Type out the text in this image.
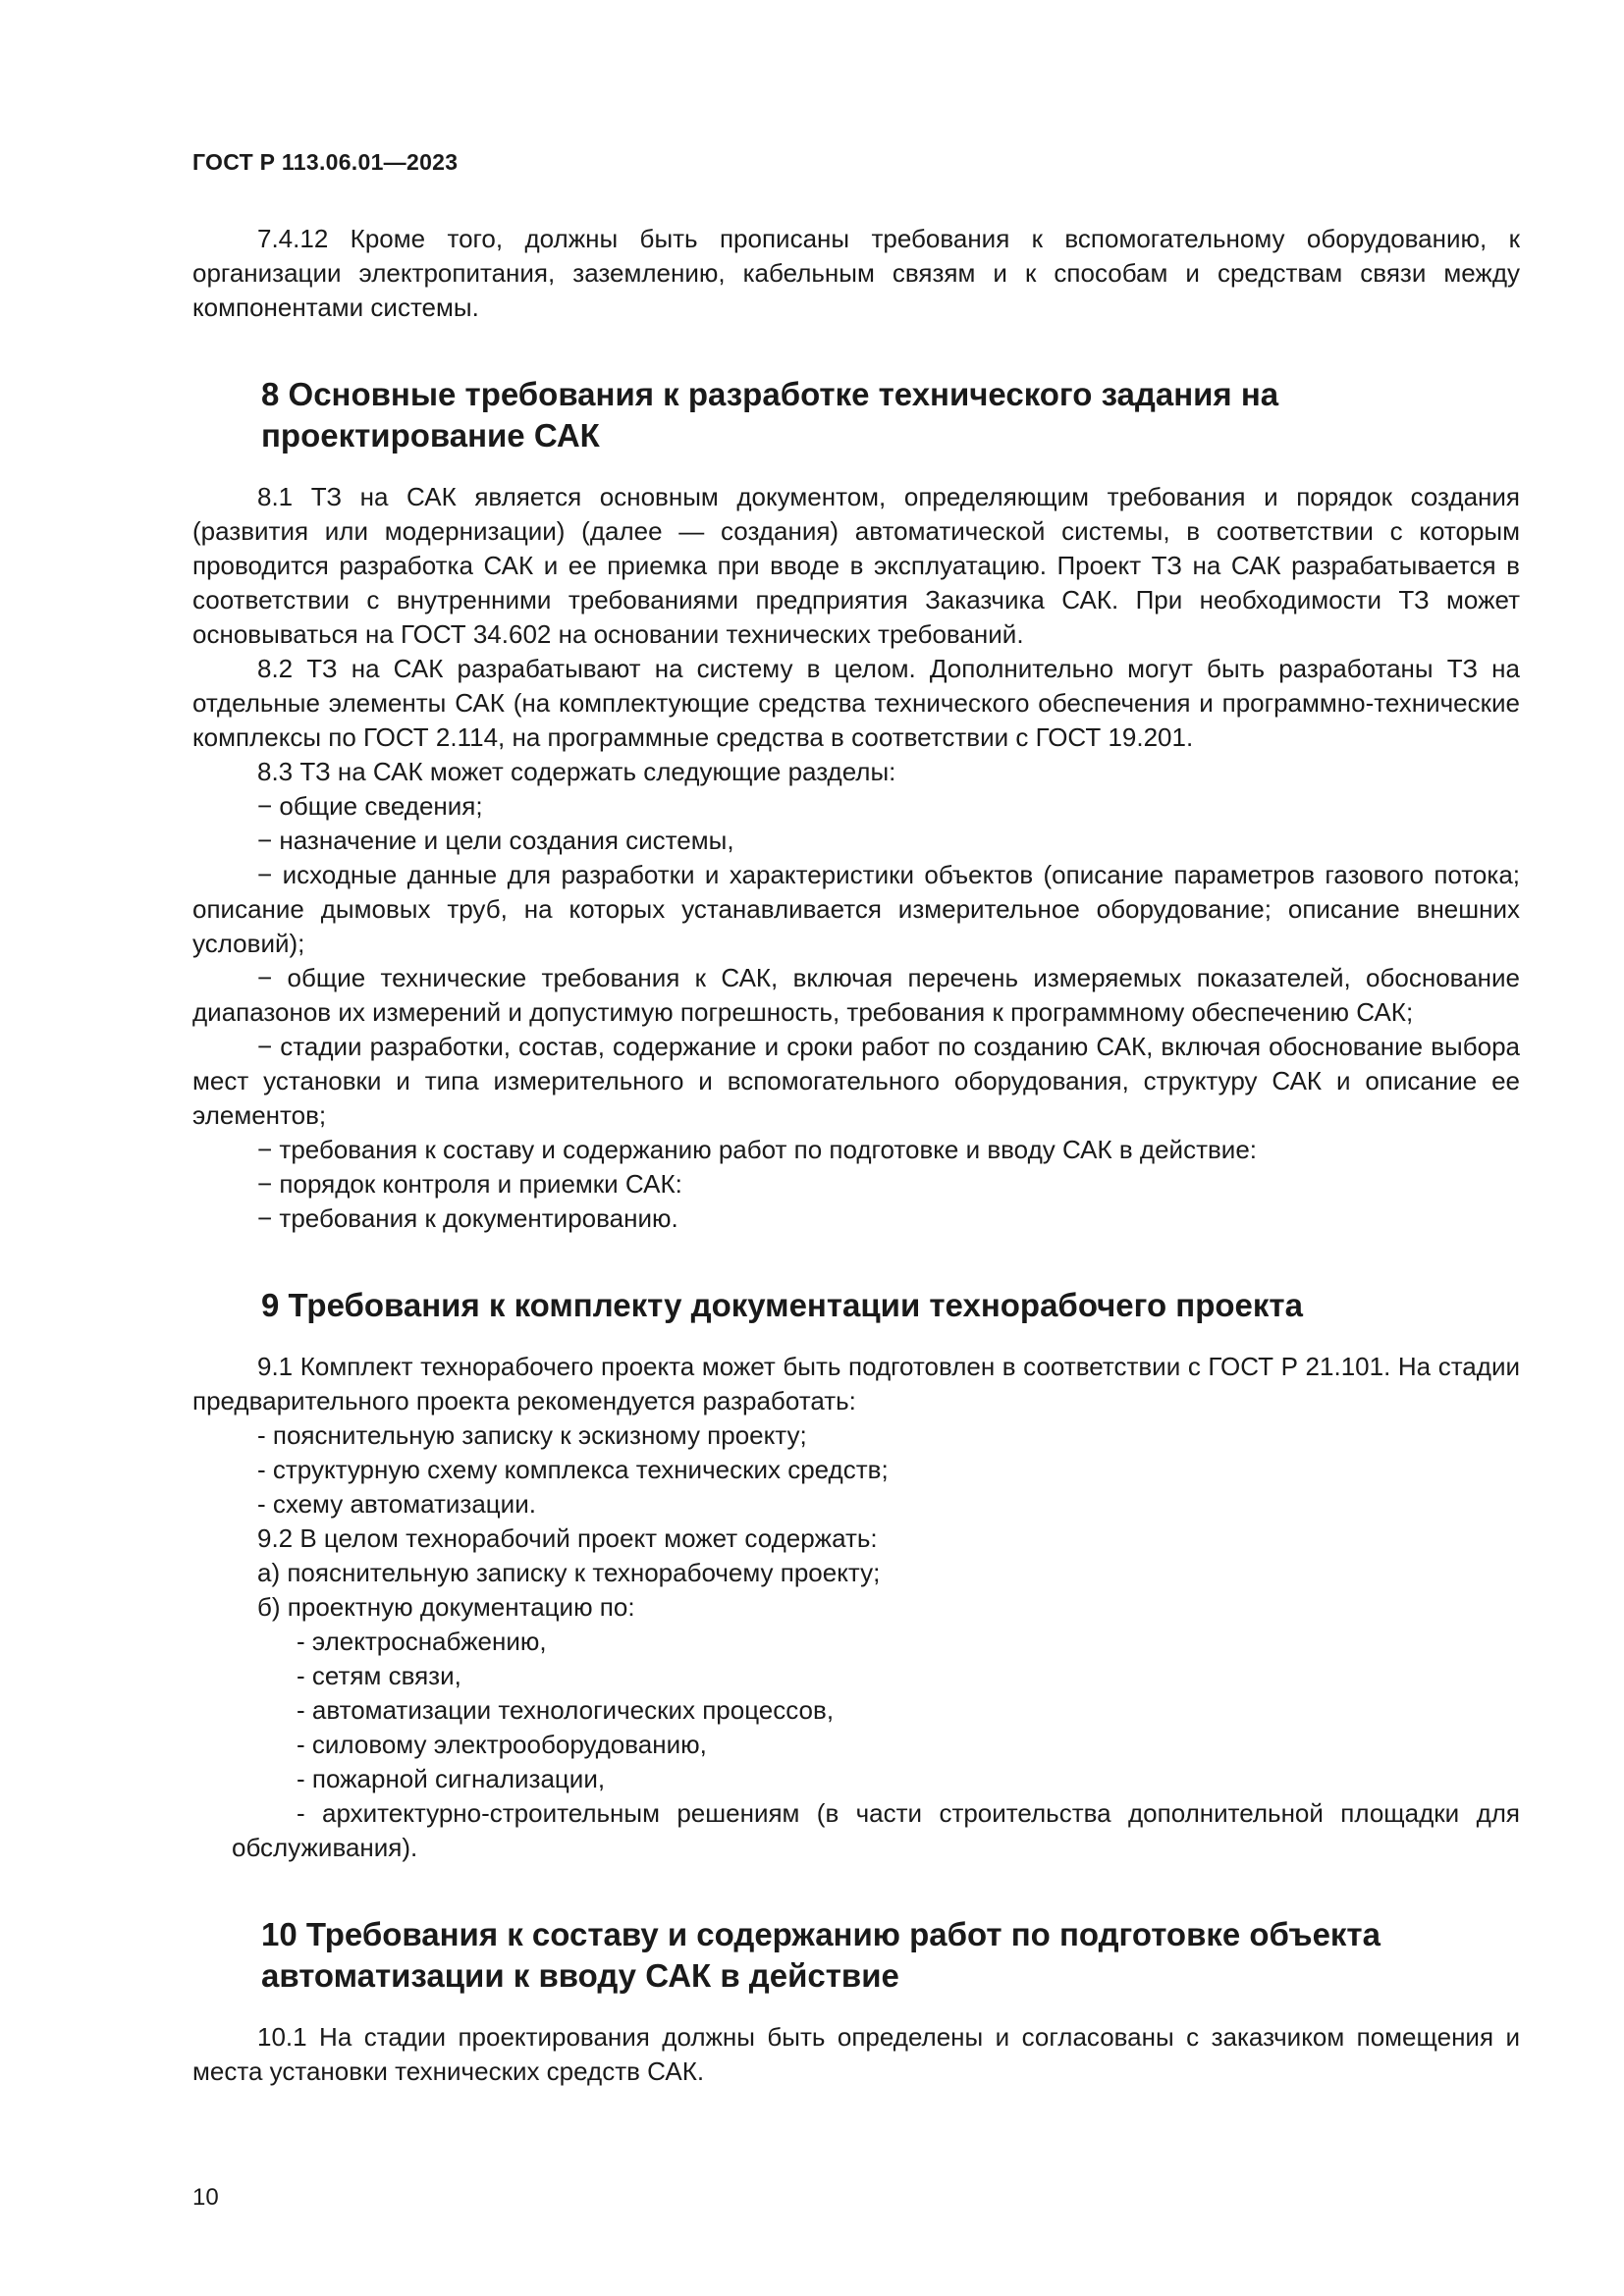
ГОСТ Р 113.06.01—2023

7.4.12 Кроме того, должны быть прописаны требования к вспомогательному оборудованию, к организации электропитания, заземлению, кабельным связям и к способам и средствам связи между компонентами системы.

8 Основные требования к разработке технического задания на проектирование САК

8.1 ТЗ на САК является основным документом, определяющим требования и порядок создания (развития или модернизации) (далее — создания) автоматической системы, в соответствии с которым проводится разработка САК и ее приемка при вводе в эксплуатацию. Проект ТЗ на САК разрабатывается в соответствии с внутренними требованиями предприятия Заказчика САК. При необходимости ТЗ может основываться на ГОСТ 34.602 на основании технических требований.

8.2 ТЗ на САК разрабатывают на систему в целом. Дополнительно могут быть разработаны ТЗ на отдельные элементы САК (на комплектующие средства технического обеспечения и программно-технические комплексы по ГОСТ 2.114, на программные средства в соответствии с ГОСТ 19.201.

8.3 ТЗ на САК может содержать следующие разделы:

− общие сведения;

− назначение и цели создания системы,

− исходные данные для разработки и характеристики объектов (описание параметров газового потока; описание дымовых труб, на которых устанавливается измерительное оборудование; описание внешних условий);

− общие технические требования к САК, включая перечень измеряемых показателей, обоснование диапазонов их измерений и допустимую погрешность, требования к программному обеспечению САК;

− стадии разработки, состав, содержание и сроки работ по созданию САК, включая обоснование выбора мест установки и типа измерительного и вспомогательного оборудования, структуру САК и описание ее элементов;

− требования к составу и содержанию работ по подготовке и вводу САК в действие:

− порядок контроля и приемки САК:

− требования к документированию.

9 Требования к комплекту документации технорабочего проекта

9.1 Комплект технорабочего проекта может быть подготовлен в соответствии с ГОСТ Р 21.101. На стадии предварительного проекта рекомендуется разработать:

- пояснительную записку к эскизному проекту;

- структурную схему комплекса технических средств;

- схему автоматизации.

9.2 В целом технорабочий проект может содержать:

а) пояснительную записку к технорабочему проекту;

б) проектную документацию по:

- электроснабжению,

- сетям связи,

- автоматизации технологических процессов,

- силовому электрооборудованию,

- пожарной сигнализации,

- архитектурно-строительным решениям (в части строительства дополнительной площадки для обслуживания).

10 Требования к составу и содержанию работ по подготовке объекта автоматизации к вводу САК в действие

10.1 На стадии проектирования должны быть определены и согласованы с заказчиком помещения и места установки технических средств САК.

10
